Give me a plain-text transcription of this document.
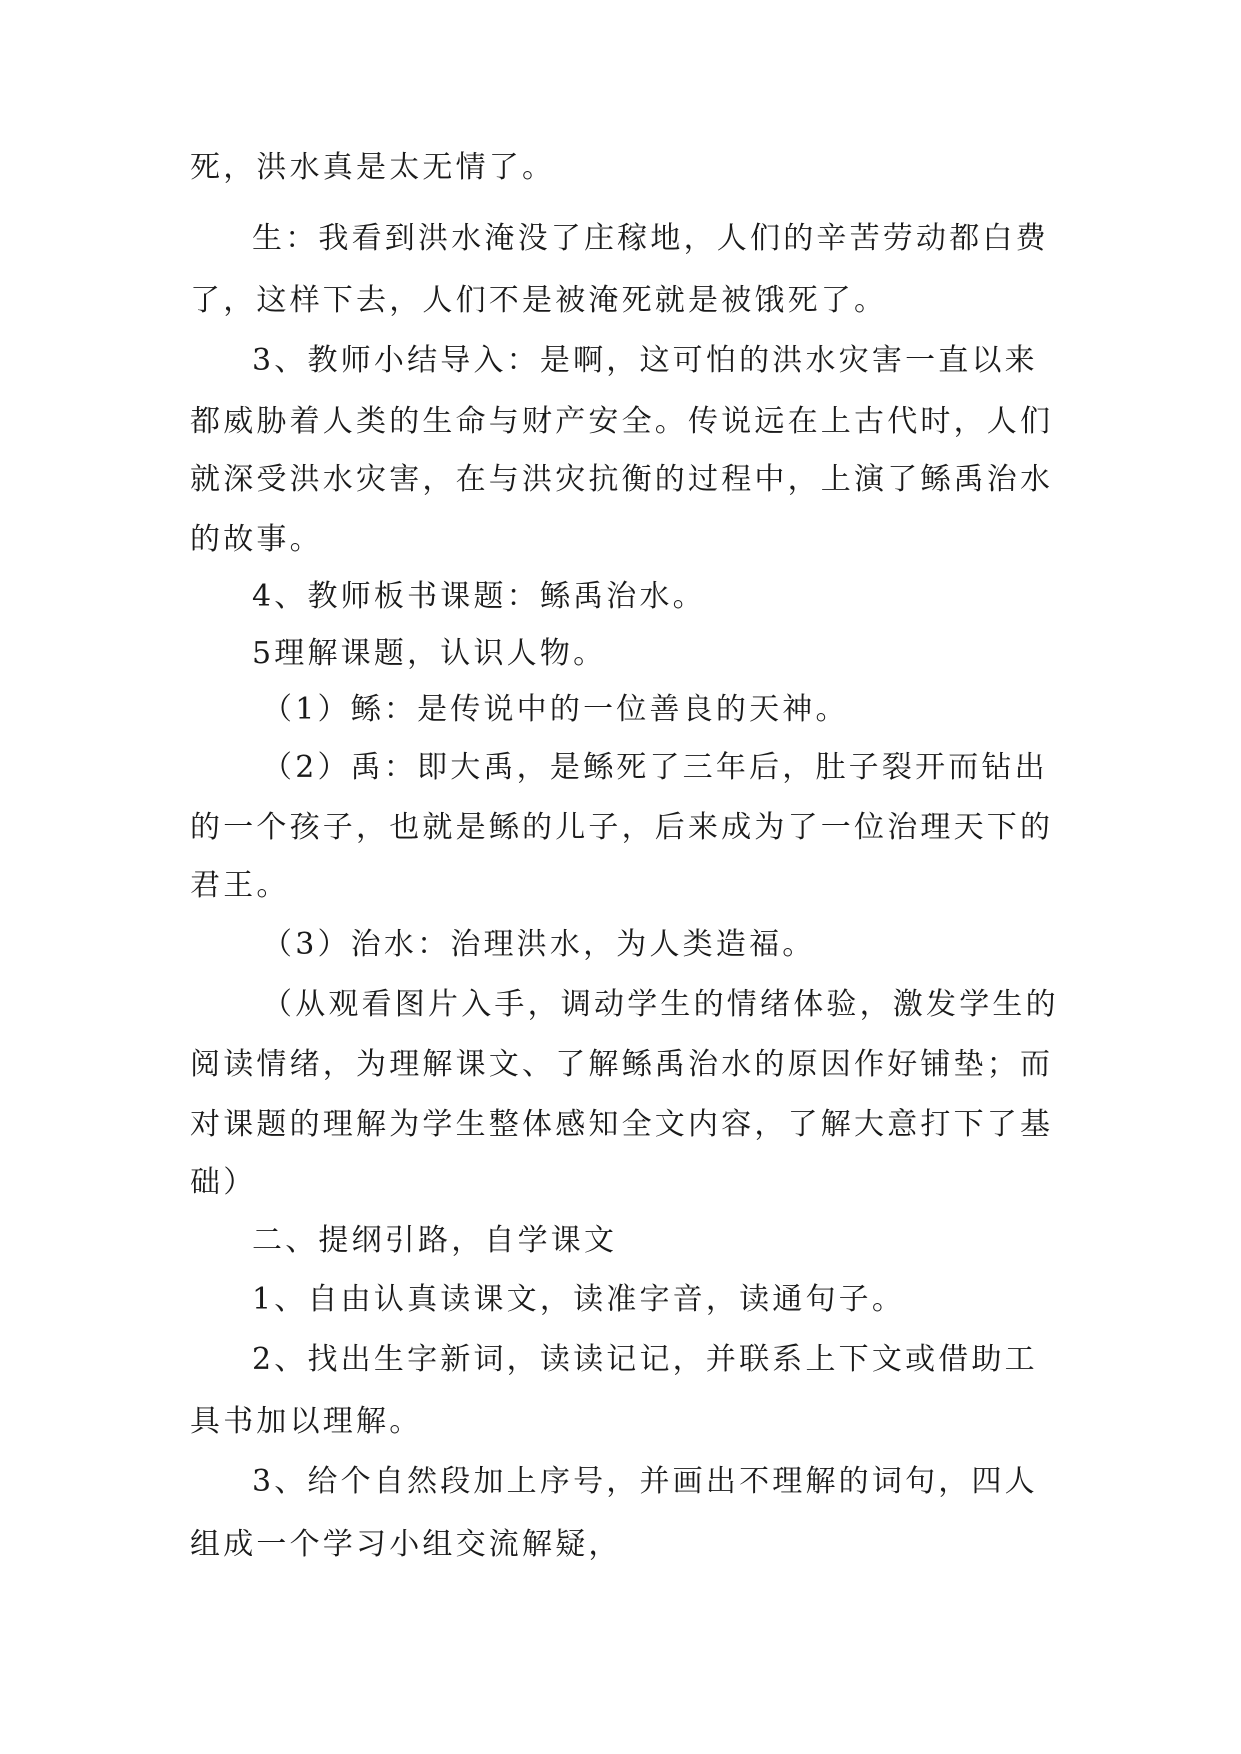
死，洪水真是太无情了。
生：我看到洪水淹没了庄稼地，人们的辛苦劳动都白费
了，这样下去，人们不是被淹死就是被饿死了。
3、教师小结导入：是啊，这可怕的洪水灾害一直以来
都威胁着人类的生命与财产安全。传说远在上古代时，人们
就深受洪水灾害，在与洪灾抗衡的过程中，上演了鲧禹治水
的故事。
4、教师板书课题：鲧禹治水。
5理解课题，认识人物。
（1）鲧：是传说中的一位善良的天神。
（2）禹：即大禹，是鲧死了三年后，肚子裂开而钻出
的一个孩子，也就是鲧的儿子，后来成为了一位治理天下的
君王。
（3）治水：治理洪水，为人类造福。
（从观看图片入手，调动学生的情绪体验，激发学生的
阅读情绪，为理解课文、了解鲧禹治水的原因作好铺垫；而
对课题的理解为学生整体感知全文内容，了解大意打下了基
础）
二、提纲引路，自学课文
1、自由认真读课文，读准字音，读通句子。
2、找出生字新词，读读记记，并联系上下文或借助工
具书加以理解。
3、给个自然段加上序号，并画出不理解的词句，四人
组成一个学习小组交流解疑，
